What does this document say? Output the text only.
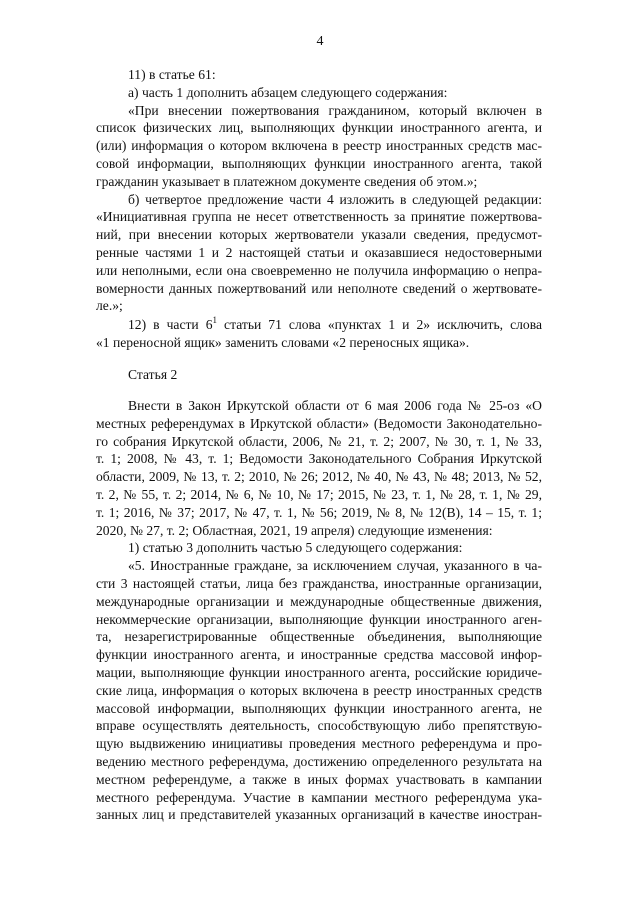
4

11) в статье 61:

а) часть 1 дополнить абзацем следующего содержания:

«При внесении пожертвования гражданином, который включен в

список физических лиц, выполняющих функции иностранного агента, и

(или) информация о котором включена в реестр иностранных средств мас-

совой информации, выполняющих функции иностранного агента, такой

гражданин указывает в платежном документе сведения об этом.»;

б) четвертое предложение части 4 изложить в следующей редакции:

«Инициативная группа не несет ответственность за принятие пожертвова-

ний, при внесении которых жертвователи указали сведения, предусмот-

ренные частями 1 и 2 настоящей статьи и оказавшиеся недостоверными

или неполными, если она своевременно не получила информацию о непра-

вомерности данных пожертвований или неполноте сведений о жертвовате-

ле.»;

12) в части $6^1$ статьи 71 слова «пунктах 1 и 2» исключить, слова

«1 переносной ящик» заменить словами «2 переносных ящика».

Статья 2

Внести в Закон Иркутской области от 6 мая 2006 года № 25-оз «О

местных референдумах в Иркутской области» (Ведомости Законодательно-

го собрания Иркутской области, 2006, № 21, т. 2; 2007, № 30, т. 1, № 33,

т. 1; 2008, № 43, т. 1; Ведомости Законодательного Собрания Иркутской

области, 2009, № 13, т. 2; 2010, № 26; 2012, № 40, № 43, № 48; 2013, № 52,

т. 2, № 55, т. 2; 2014, № 6, № 10, № 17; 2015, № 23, т. 1, № 28, т. 1, № 29,

т. 1; 2016, № 37; 2017, № 47, т. 1, № 56; 2019, № 8, № 12(В), 14 – 15, т. 1;

2020, № 27, т. 2; Областная, 2021, 19 апреля) следующие изменения:

1) статью 3 дополнить частью 5 следующего содержания:

«5. Иностранные граждане, за исключением случая, указанного в ча-

сти 3 настоящей статьи, лица без гражданства, иностранные организации,

международные организации и международные общественные движения,

некоммерческие организации, выполняющие функции иностранного аген-

та, незарегистрированные общественные объединения, выполняющие

функции иностранного агента, и иностранные средства массовой инфор-

мации, выполняющие функции иностранного агента, российские юридиче-

ские лица, информация о которых включена в реестр иностранных средств

массовой информации, выполняющих функции иностранного агента, не

вправе осуществлять деятельность, способствующую либо препятствую-

щую выдвижению инициативы проведения местного референдума и про-

ведению местного референдума, достижению определенного результата на

местном референдуме, а также в иных формах участвовать в кампании

местного референдума. Участие в кампании местного референдума ука-

занных лиц и представителей указанных организаций в качестве иностран-
